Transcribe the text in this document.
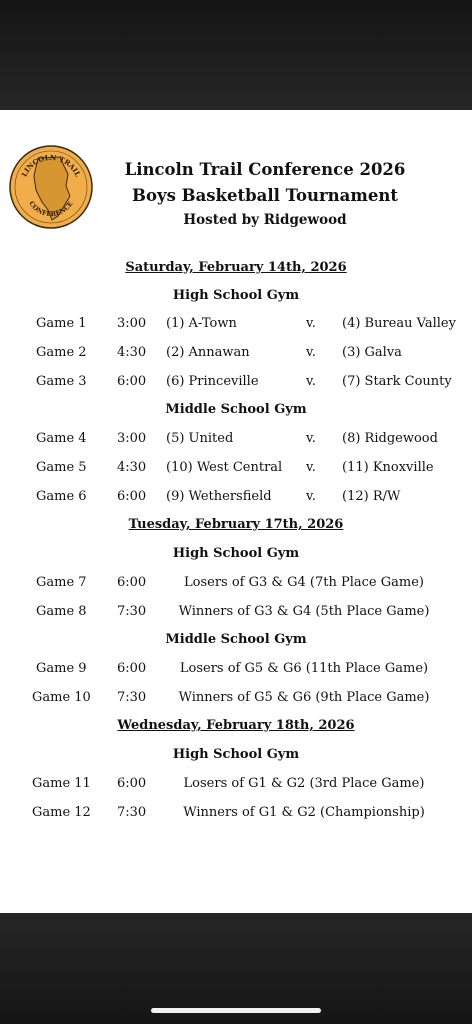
LINCOLN TRAIL
CONFERENCE
Lincoln Trail Conference 2026
Boys Basketball Tournament
Hosted by Ridgewood
Saturday, February 14th, 2026
High School Gym
Game 1 3:00 (1) A-Town	v. (4) Bureau Valley
Game 2 4:30 (2) Annawan	v. (3) Galva
Game 3 6:00 (6) Princeville	v. (7) Stark County
Middle School Gym
Game 4 3:00 (5) United	v. (8) Ridgewood
Game 5 4:30 (10) West Central v. (11) Knoxville
Game 6 6:00 (9) Wethersfield	v. (12) R/W
Tuesday, February 17th, 2026
High School Gym
Game 7 6:00	Losers of G3 & G4 (7th Place Game)
Game 8 7:30	Winners of G3 & G4 (5th Place Game)
Middle School Gym
Game 9 6:00	Losers of G5 & G6 (11th Place Game)
Game 10 7:30	Winners of G5 & G6 (9th Place Game)
Wednesday, February 18th, 2026
High School Gym
Game 11 6:00	Losers of G1 & G2 (3rd Place Game)
Game 12 7:30	Winners of G1 & G2 (Championship)
